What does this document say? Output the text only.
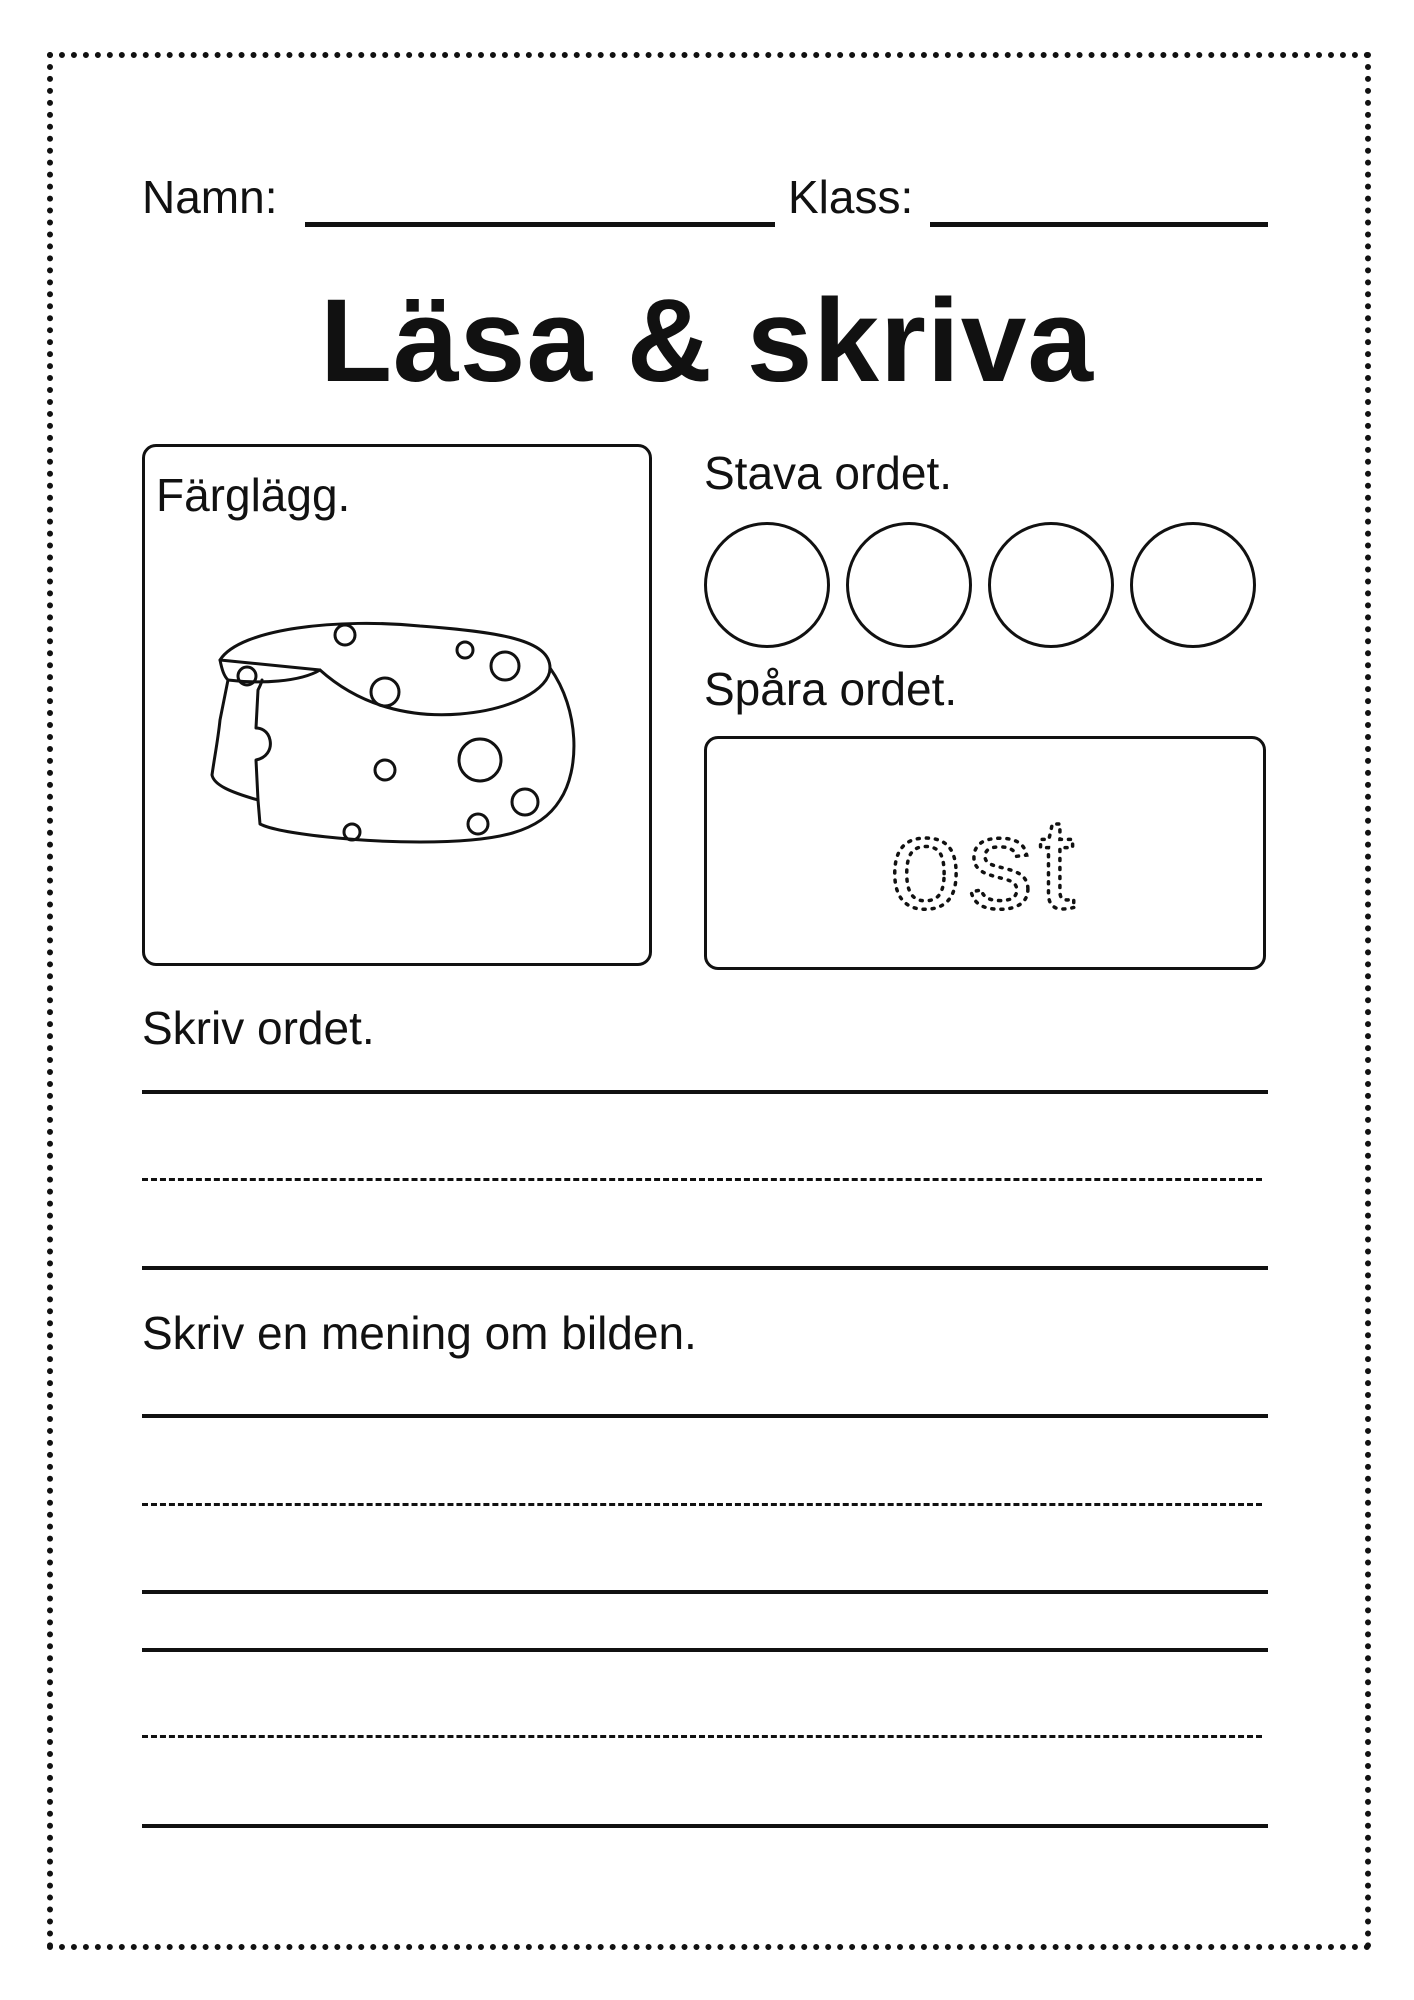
Namn:	Klass:
Läsa & skriva
Färglägg.	Stava ordet.
Spåra ordet.
ost
Skriv ordet.
Skriv en mening om bilden.
